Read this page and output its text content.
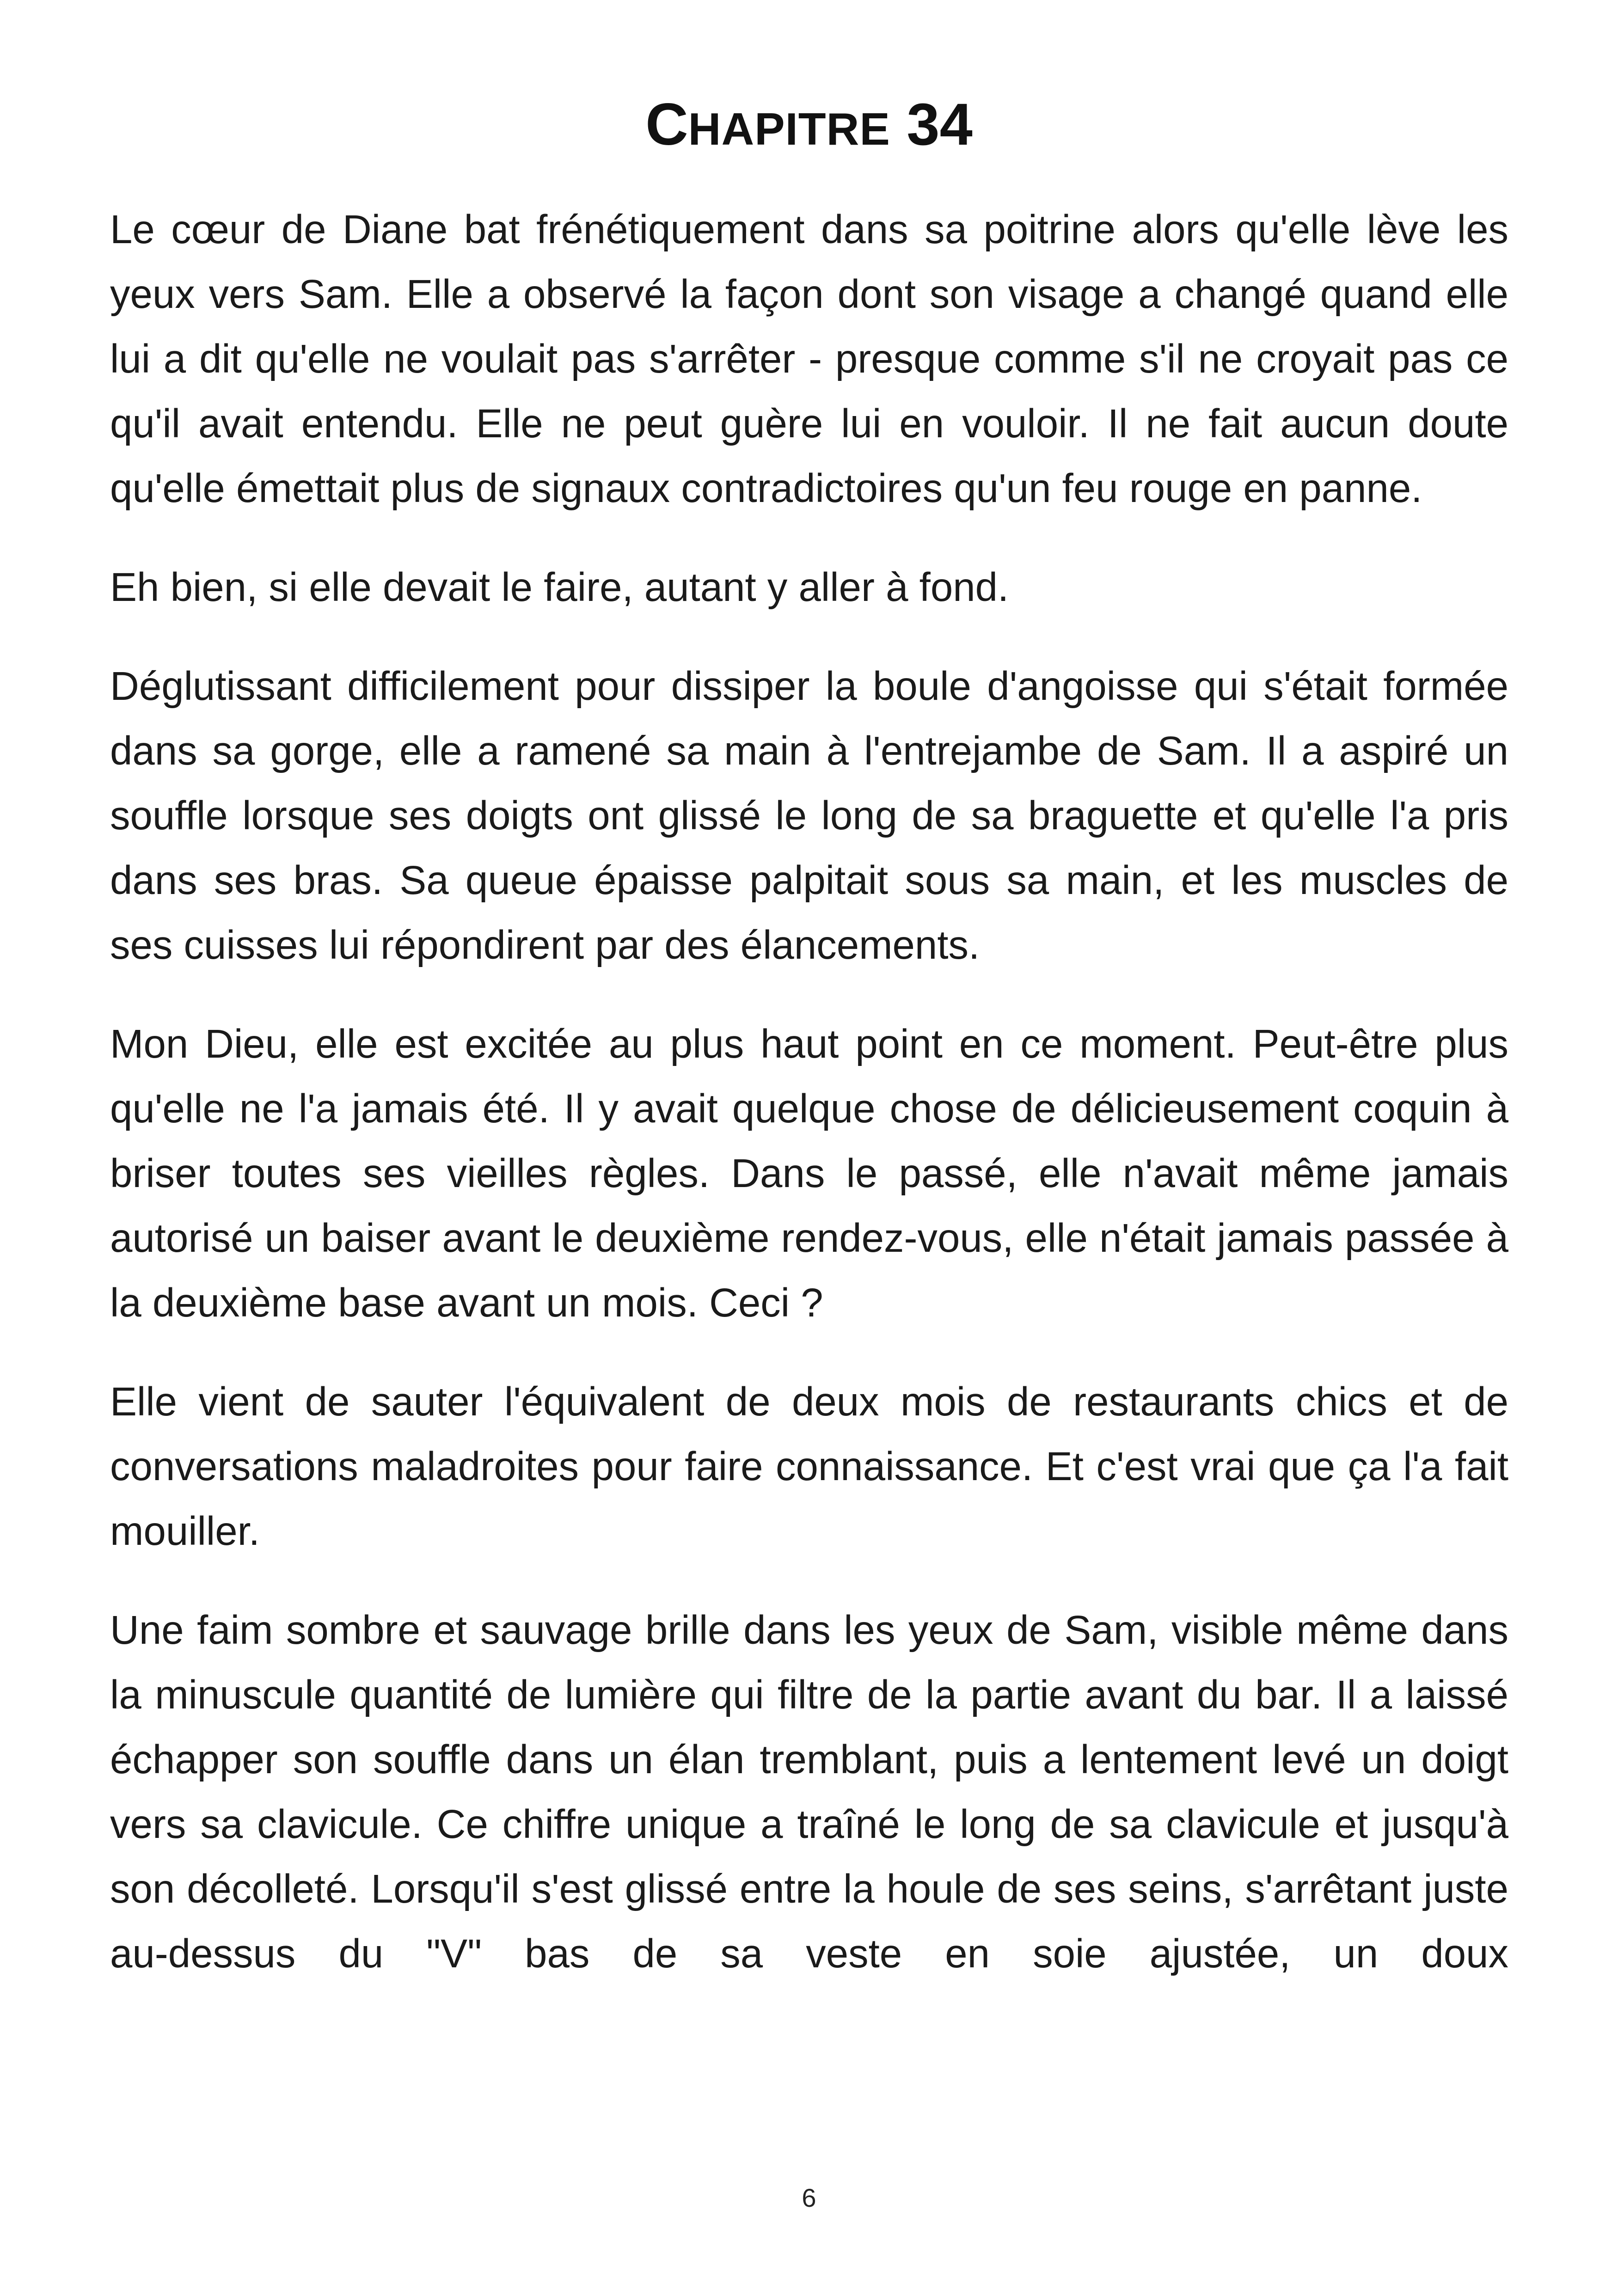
CHAPITRE 34

Le cœur de Diane bat frénétiquement dans sa poitrine alors qu'elle lève les yeux vers Sam. Elle a observé la façon dont son visage a changé quand elle lui a dit qu'elle ne voulait pas s'arrêter - presque comme s'il ne croyait pas ce qu'il avait entendu. Elle ne peut guère lui en vouloir. Il ne fait aucun doute qu'elle émettait plus de signaux contradictoires qu'un feu rouge en panne.

Eh bien, si elle devait le faire, autant y aller à fond.

Déglutissant difficilement pour dissiper la boule d'angoisse qui s'était formée dans sa gorge, elle a ramené sa main à l'entrejambe de Sam. Il a aspiré un souffle lorsque ses doigts ont glissé le long de sa braguette et qu'elle l'a pris dans ses bras. Sa queue épaisse palpitait sous sa main, et les muscles de ses cuisses lui répondirent par des élancements.

Mon Dieu, elle est excitée au plus haut point en ce moment. Peut-être plus qu'elle ne l'a jamais été. Il y avait quelque chose de délicieusement coquin à briser toutes ses vieilles règles. Dans le passé, elle n'avait même jamais autorisé un baiser avant le deuxième rendez-vous, elle n'était jamais passée à la deuxième base avant un mois. Ceci ?

Elle vient de sauter l'équivalent de deux mois de restaurants chics et de conversations maladroites pour faire connaissance. Et c'est vrai que ça l'a fait mouiller.

Une faim sombre et sauvage brille dans les yeux de Sam, visible même dans la minuscule quantité de lumière qui filtre de la partie avant du bar. Il a laissé échapper son souffle dans un élan tremblant, puis a lentement levé un doigt vers sa clavicule. Ce chiffre unique a traîné le long de sa clavicule et jusqu'à son décolleté. Lorsqu'il s'est glissé entre la houle de ses seins, s'arrêtant juste au-dessus du "V" bas de sa veste en soie ajustée, un doux

6
